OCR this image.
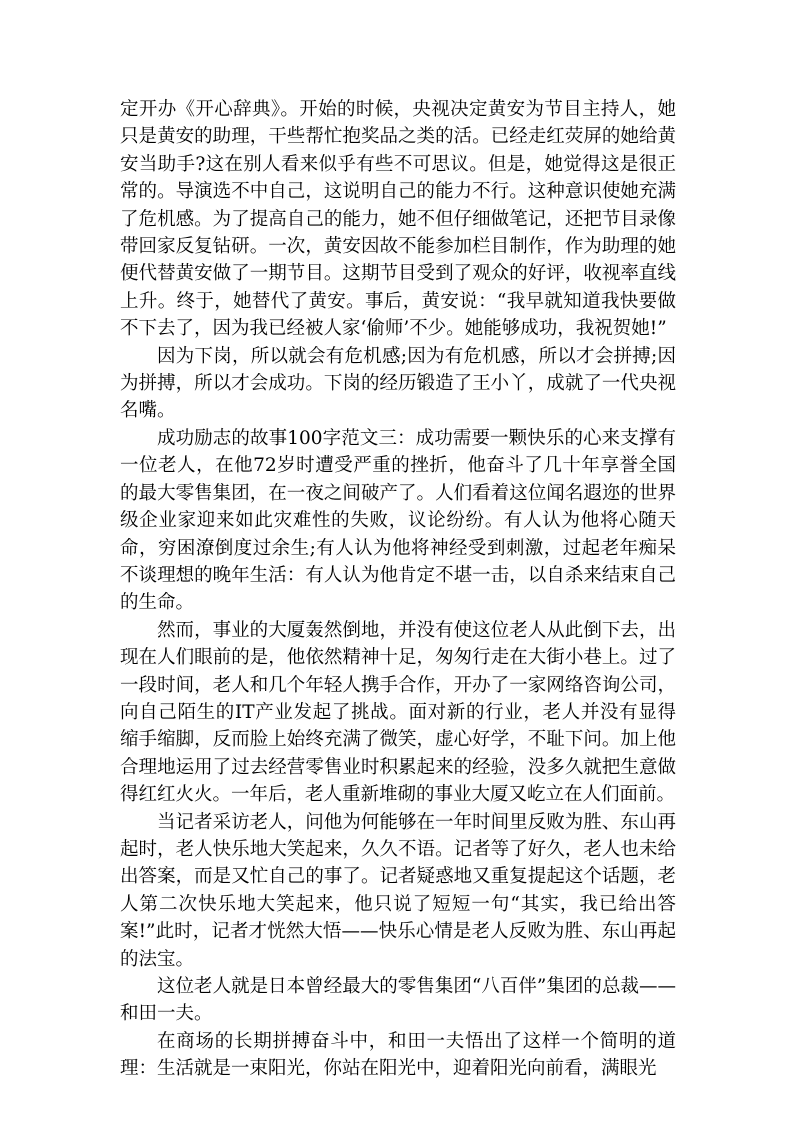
定开办《开心辞典》。开始的时候，央视决定黄安为节目主持人，她只是黄安的助理，干些帮忙抱奖品之类的活。已经走红荧屏的她给黄安当助手?这在别人看来似乎有些不可思议。但是，她觉得这是很正常的。导演选不中自己，这说明自己的能力不行。这种意识使她充满了危机感。为了提高自己的能力，她不但仔细做笔记，还把节目录像带回家反复钻研。一次，黄安因故不能参加栏目制作，作为助理的她便代替黄安做了一期节目。这期节目受到了观众的好评，收视率直线上升。终于，她替代了黄安。事后，黄安说：“我早就知道我快要做不下去了，因为我已经被人家‘偷师’不少。她能够成功，我祝贺她!”

因为下岗，所以就会有危机感;因为有危机感，所以才会拼搏;因为拼搏，所以才会成功。下岗的经历锻造了王小丫，成就了一代央视名嘴。

成功励志的故事100字范文三：成功需要一颗快乐的心来支撑有一位老人，在他72岁时遭受严重的挫折，他奋斗了几十年享誉全国的最大零售集团，在一夜之间破产了。人们看着这位闻名遐迩的世界级企业家迎来如此灾难性的失败，议论纷纷。有人认为他将心随天命，穷困潦倒度过余生;有人认为他将神经受到刺激，过起老年痴呆不谈理想的晚年生活：有人认为他肯定不堪一击，以自杀来结束自己的生命。

然而，事业的大厦轰然倒地，并没有使这位老人从此倒下去，出现在人们眼前的是，他依然精神十足，匆匆行走在大街小巷上。过了一段时间，老人和几个年轻人携手合作，开办了一家网络咨询公司，向自己陌生的IT产业发起了挑战。面对新的行业，老人并没有显得缩手缩脚，反而脸上始终充满了微笑，虚心好学，不耻下问。加上他合理地运用了过去经营零售业时积累起来的经验，没多久就把生意做得红红火火。一年后，老人重新堆砌的事业大厦又屹立在人们面前。

当记者采访老人，问他为何能够在一年时间里反败为胜、东山再起时，老人快乐地大笑起来，久久不语。记者等了好久，老人也未给出答案，而是又忙自己的事了。记者疑惑地又重复提起这个话题，老人第二次快乐地大笑起来，他只说了短短一句“其实，我已给出答案!”此时，记者才恍然大悟——快乐心情是老人反败为胜、东山再起的法宝。

这位老人就是日本曾经最大的零售集团“八百伴”集团的总裁——和田一夫。

在商场的长期拼搏奋斗中，和田一夫悟出了这样一个简明的道理：生活就是一束阳光，你站在阳光中，迎着阳光向前看，满眼光
